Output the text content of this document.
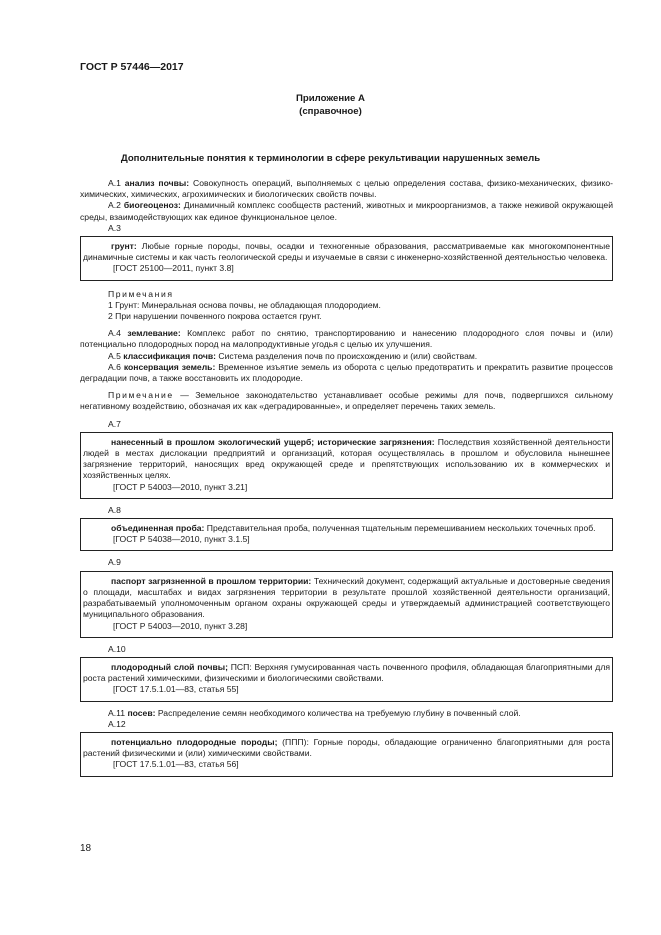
ГОСТ Р 57446—2017
Приложение А
(справочное)
Дополнительные понятия к терминологии в сфере рекультивации нарушенных земель

А.1 анализ почвы: Совокупность операций, выполняемых с целью определения состава, физико-механических, физико-химических, химических, агрохимических и биологических свойств почвы.

А.2 биогеоценоз: Динамичный комплекс сообществ растений, животных и микроорганизмов, а также неживой окружающей среды, взаимодействующих как единое функциональное целое.

А.3

грунт: Любые горные породы, почвы, осадки и техногенные образования, рассматриваемые как многокомпонентные динамичные системы и как часть геологической среды и изучаемые в связи с инженерно-хозяйственной деятельностью человека.

[ГОСТ 25100—2011, пункт 3.8]

Примечания

1 Грунт: Минеральная основа почвы, не обладающая плодородием.

2 При нарушении почвенного покрова остается грунт.

А.4 землевание: Комплекс работ по снятию, транспортированию и нанесению плодородного слоя почвы и (или) потенциально плодородных пород на малопродуктивные угодья с целью их улучшения.

А.5 классификация почв: Система разделения почв по происхождению и (или) свойствам.

А.6 консервация земель: Временное изъятие земель из оборота с целью предотвратить и прекратить развитие процессов деградации почв, а также восстановить их плодородие.

Примечание — Земельное законодательство устанавливает особые режимы для почв, подвергшихся сильному негативному воздействию, обозначая их как «деградированные», и определяет перечень таких земель.

А.7

нанесенный в прошлом экологический ущерб; исторические загрязнения: Последствия хозяйственной деятельности людей в местах дислокации предприятий и организаций, которая осуществлялась в прошлом и обусловила нынешнее загрязнение территорий, наносящих вред окружающей среде и препятствующих использованию их в коммерческих и хозяйственных целях.

[ГОСТ Р 54003—2010, пункт 3.21]

А.8

объединенная проба: Представительная проба, полученная тщательным перемешиванием нескольких точечных проб.

[ГОСТ Р 54038—2010, пункт 3.1.5]

А.9

паспорт загрязненной в прошлом территории: Технический документ, содержащий актуальные и достоверные сведения о площади, масштабах и видах загрязнения территории в результате прошлой хозяйственной деятельности организаций, разрабатываемый уполномоченным органом охраны окружающей среды и утверждаемый администрацией соответствующего муниципального образования.

[ГОСТ Р 54003—2010, пункт 3.28]

А.10

плодородный слой почвы; ПСП: Верхняя гумусированная часть почвенного профиля, обладающая благоприятными для роста растений химическими, физическими и биологическими свойствами.

[ГОСТ 17.5.1.01—83, статья 55]

А.11 посев: Распределение семян необходимого количества на требуемую глубину в почвенный слой.

А.12

потенциально плодородные породы; (ППП): Горные породы, обладающие ограниченно благоприятными для роста растений физическими и (или) химическими свойствами.

[ГОСТ 17.5.1.01—83, статья 56]

18
